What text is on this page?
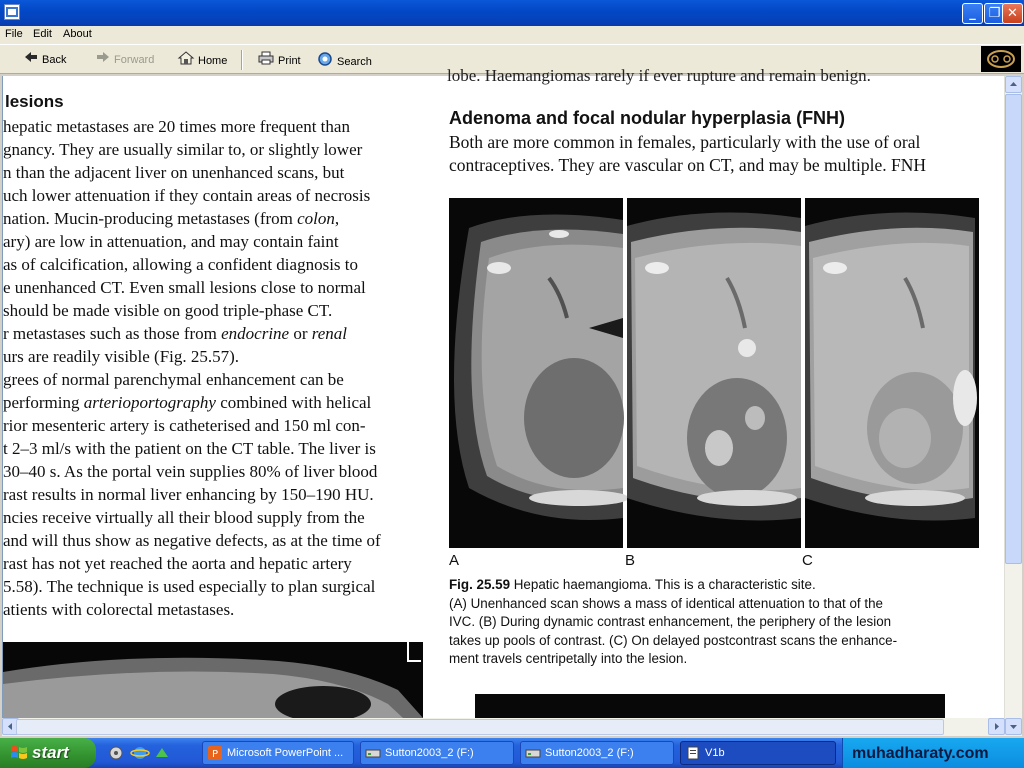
_ ❐ ✕
File Edit About
Back	Forward	Home	Print	Search
lesions
hepatic metastases are 20 times more frequent than
gnancy. They are usually similar to, or slightly lower
n than the adjacent liver on unenhanced scans, but
uch lower attenuation if they contain areas of necrosis
nation. Mucin-producing metastases (from colon,
ary) are low in attenuation, and may contain faint
as of calcification, allowing a confident diagnosis to
e unenhanced CT. Even small lesions close to normal
should be made visible on good triple-phase CT.
r metastases such as those from endocrine or renal
urs are readily visible (Fig. 25.57).
grees of normal parenchymal enhancement can be
performing arterioportography combined with helical
rior mesenteric artery is catheterised and 150 ml con-
t 2–3 ml/s with the patient on the CT table. The liver is
30–40 s. As the portal vein supplies 80% of liver blood
rast results in normal liver enhancing by 150–190 HU.
ncies receive virtually all their blood supply from the
and will thus show as negative defects, as at the time of
rast has not yet reached the aorta and hepatic artery
5.58). The technique is used especially to plan surgical
atients with colorectal metastases.
lobe. Haemangiomas rarely if ever rupture and remain benign.
Adenoma and focal nodular hyperplasia (FNH)
Both are more common in females, particularly with the use of oral
contraceptives. They are vascular on CT, and may be multiple. FNH
A	B	C
Fig. 25.59 Hepatic haemangioma. This is a characteristic site.
(A) Unenhanced scan shows a mass of identical attenuation to that of the
IVC. (B) During dynamic contrast enhancement, the periphery of the lesion
takes up pools of contrast. (C) On delayed postcontrast scans the enhance-
ment travels centripetally into the lesion.
start	P Microsoft PowerPoint ...	Sutton2003_2 (F:)	Sutton2003_2 (F:)	V1b	muhadharaty.com
